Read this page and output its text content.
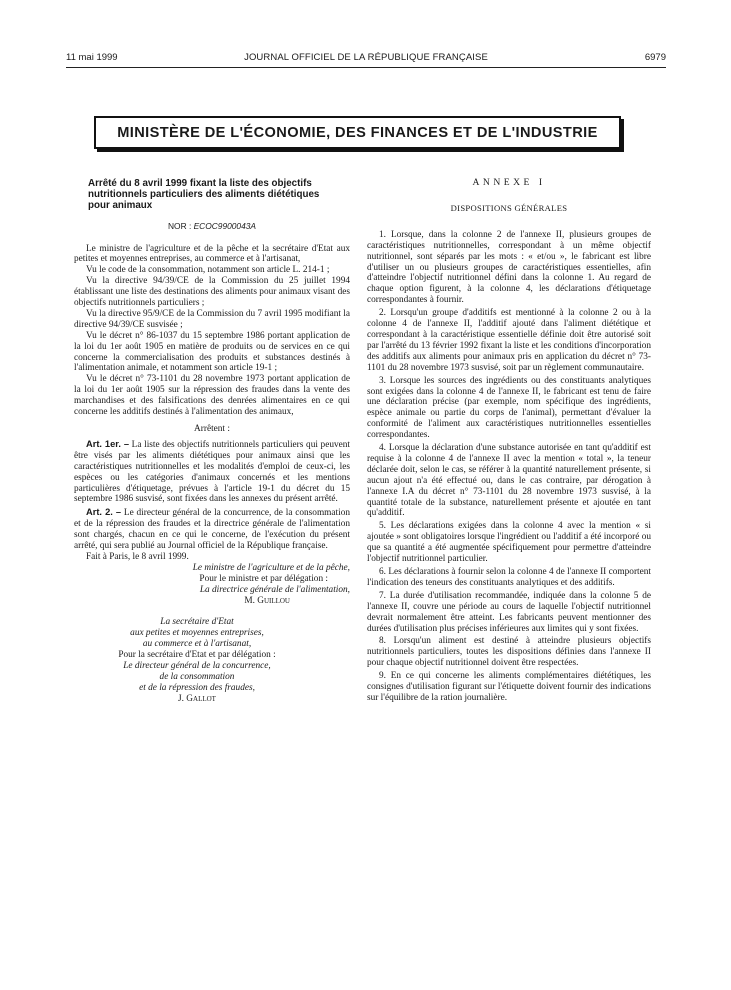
11 mai 1999	JOURNAL OFFICIEL DE LA RÉPUBLIQUE FRANÇAISE	6979
MINISTÈRE DE L'ÉCONOMIE, DES FINANCES ET DE L'INDUSTRIE
Arrêté du 8 avril 1999 fixant la liste des objectifs nutritionnels particuliers des aliments diététiques pour animaux
NOR : ECOC9900043A

Le ministre de l'agriculture et de la pêche et la secrétaire d'Etat aux petites et moyennes entreprises, au commerce et à l'artisanat,

Vu le code de la consommation, notamment son article L. 214-1 ;

Vu la directive 94/39/CE de la Commission du 25 juillet 1994 établissant une liste des destinations des aliments pour animaux visant des objectifs nutritionnels particuliers ;

Vu la directive 95/9/CE de la Commission du 7 avril 1995 modifiant la directive 94/39/CE susvisée ;

Vu le décret n° 86-1037 du 15 septembre 1986 portant application de la loi du 1er août 1905 en matière de produits ou de services en ce qui concerne la commercialisation des produits et substances destinés à l'alimentation animale, et notamment son article 19-1 ;

Vu le décret n° 73-1101 du 28 novembre 1973 portant application de la loi du 1er août 1905 sur la répression des fraudes dans la vente des marchandises et des falsifications des denrées alimentaires en ce qui concerne les additifs destinés à l'alimentation des animaux,

Arrêtent :

Art. 1er. – La liste des objectifs nutritionnels particuliers qui peuvent être visés par les aliments diététiques pour animaux ainsi que les caractéristiques nutritionnelles et les modalités d'emploi de ceux-ci, les espèces ou les catégories d'animaux concernés et les mentions particulières d'étiquetage, prévues à l'article 19-1 du décret du 15 septembre 1986 susvisé, sont fixées dans les annexes du présent arrêté.

Art. 2. – Le directeur général de la concurrence, de la consommation et de la répression des fraudes et la directrice générale de l'alimentation sont chargés, chacun en ce qui le concerne, de l'exécution du présent arrêté, qui sera publié au Journal officiel de la République française.

Fait à Paris, le 8 avril 1999.

Le ministre de l'agriculture et de la pêche,
Pour le ministre et par délégation :
La directrice générale de l'alimentation,
M. Guillou
La secrétaire d'Etat
aux petites et moyennes entreprises,
au commerce et à l'artisanat,
Pour la secrétaire d'Etat et par délégation :
Le directeur général de la concurrence,
de la consommation
et de la répression des fraudes,
J. Gallot
ANNEXE I
DISPOSITIONS GÉNÉRALES

1. Lorsque, dans la colonne 2 de l'annexe II, plusieurs groupes de caractéristiques nutritionnelles, correspondant à un même objectif nutritionnel, sont séparés par les mots : « et/ou », le fabricant est libre d'utiliser un ou plusieurs groupes de caractéristiques essentielles, afin d'atteindre l'objectif nutritionnel défini dans la colonne 1. Au regard de chaque option figurent, à la colonne 4, les déclarations d'étiquetage correspondantes à fournir.

2. Lorsqu'un groupe d'additifs est mentionné à la colonne 2 ou à la colonne 4 de l'annexe II, l'additif ajouté dans l'aliment diététique et correspondant à la caractéristique essentielle définie doit être autorisé soit par l'arrêté du 13 février 1992 fixant la liste et les conditions d'incorporation des additifs aux aliments pour animaux pris en application du décret n° 73-1101 du 28 novembre 1973 susvisé, soit par un règlement communautaire.

3. Lorsque les sources des ingrédients ou des constituants analytiques sont exigées dans la colonne 4 de l'annexe II, le fabricant est tenu de faire une déclaration précise (par exemple, nom spécifique des ingrédients, espèce animale ou partie du corps de l'animal), permettant d'évaluer la conformité de l'aliment aux caractéristiques nutritionnelles essentielles correspondantes.

4. Lorsque la déclaration d'une substance autorisée en tant qu'additif est requise à la colonne 4 de l'annexe II avec la mention « total », la teneur déclarée doit, selon le cas, se référer à la quantité naturellement présente, si aucun ajout n'a été effectué ou, dans le cas contraire, par dérogation à l'annexe I.A du décret n° 73-1101 du 28 novembre 1973 susvisé, à la quantité totale de la substance, naturellement présente et ajoutée en tant qu'additif.

5. Les déclarations exigées dans la colonne 4 avec la mention « si ajoutée » sont obligatoires lorsque l'ingrédient ou l'additif a été incorporé ou que sa quantité a été augmentée spécifiquement pour permettre d'atteindre l'objectif nutritionnel particulier.

6. Les déclarations à fournir selon la colonne 4 de l'annexe II comportent l'indication des teneurs des constituants analytiques et des additifs.

7. La durée d'utilisation recommandée, indiquée dans la colonne 5 de l'annexe II, couvre une période au cours de laquelle l'objectif nutritionnel devrait normalement être atteint. Les fabricants peuvent mentionner des durées d'utilisation plus précises inférieures aux limites qui y sont fixées.

8. Lorsqu'un aliment est destiné à atteindre plusieurs objectifs nutritionnels particuliers, toutes les dispositions définies dans l'annexe II pour chaque objectif nutritionnel doivent être respectées.

9. En ce qui concerne les aliments complémentaires diététiques, les consignes d'utilisation figurant sur l'étiquette doivent fournir des indications sur l'équilibre de la ration journalière.
